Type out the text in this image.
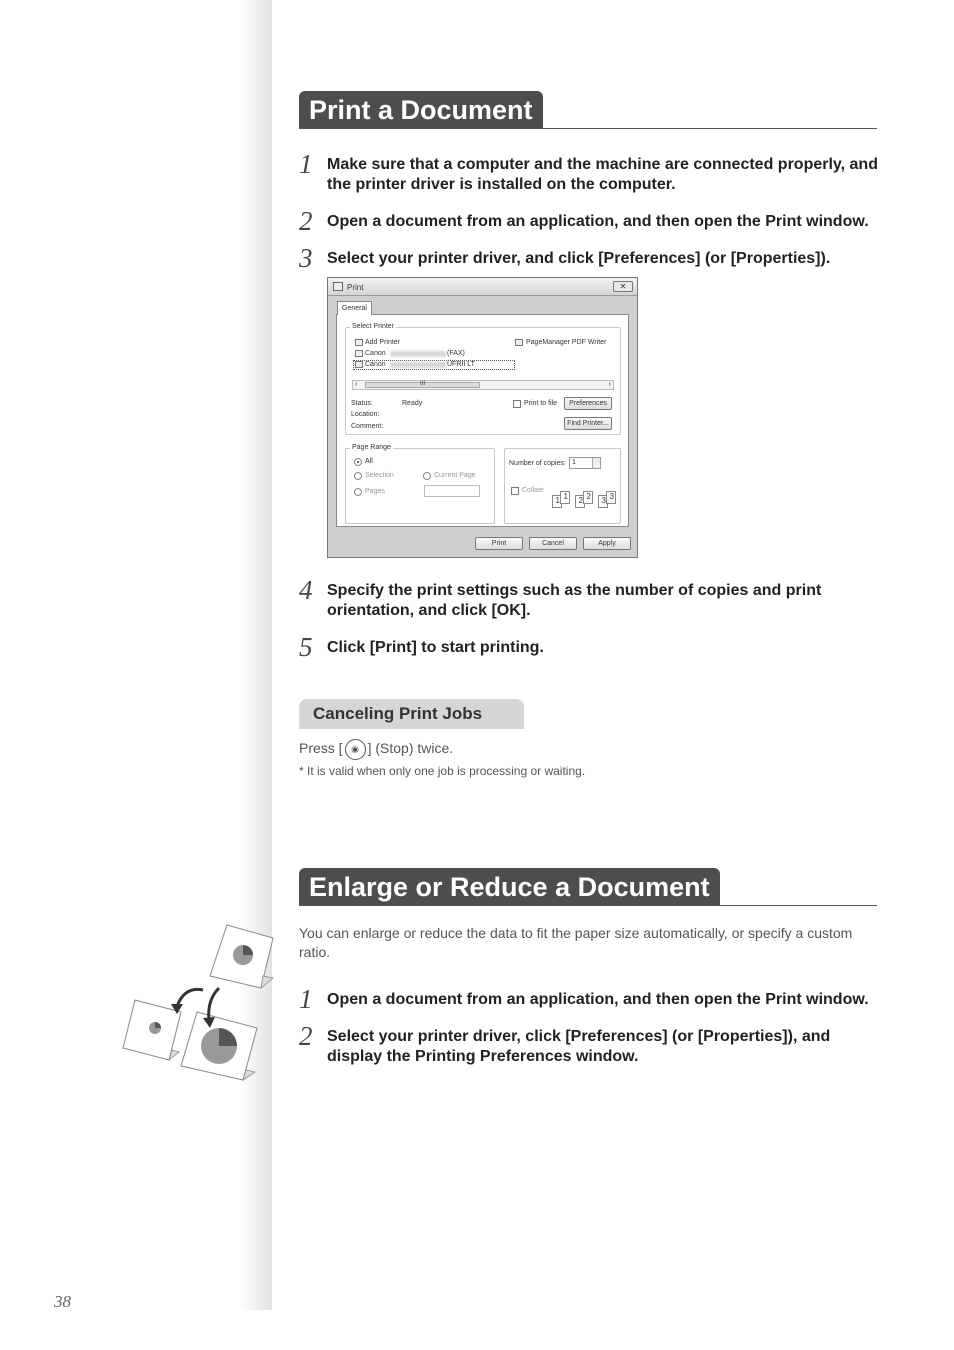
Print a Document
1 Make sure that a computer and the machine are connected properly, and the printer driver is installed on the computer.
2 Open a document from an application, and then open the Print window.
3 Select your printer driver, and click [Preferences] (or [Properties]).
Print	✕
General
Select Printer
Add Printer
Canon	(FAX)
Canon	UFRII LT
PageManager PDF Writer
‹	III	›
Status:	Ready
Location:
Comment:
Print to file	Preferences
Find Printer...
Page Range
All
Selection	Current Page
Pages
Number of copies: 1
Collate
1 1	2 2	3 3
Print	Cancel	Apply
4 Specify the print settings such as the number of copies and print orientation, and click [OK].
5 Click [Print] to start printing.
Canceling Print Jobs
Press [ ◉ ] (Stop) twice.
* It is valid when only one job is processing or waiting.
Enlarge or Reduce a Document
You can enlarge or reduce the data to fit the paper size automatically, or specify a custom ratio.
1 Open a document from an application, and then open the Print window.
2 Select your printer driver, click [Preferences] (or [Properties]), and display the Printing Preferences window.
38
